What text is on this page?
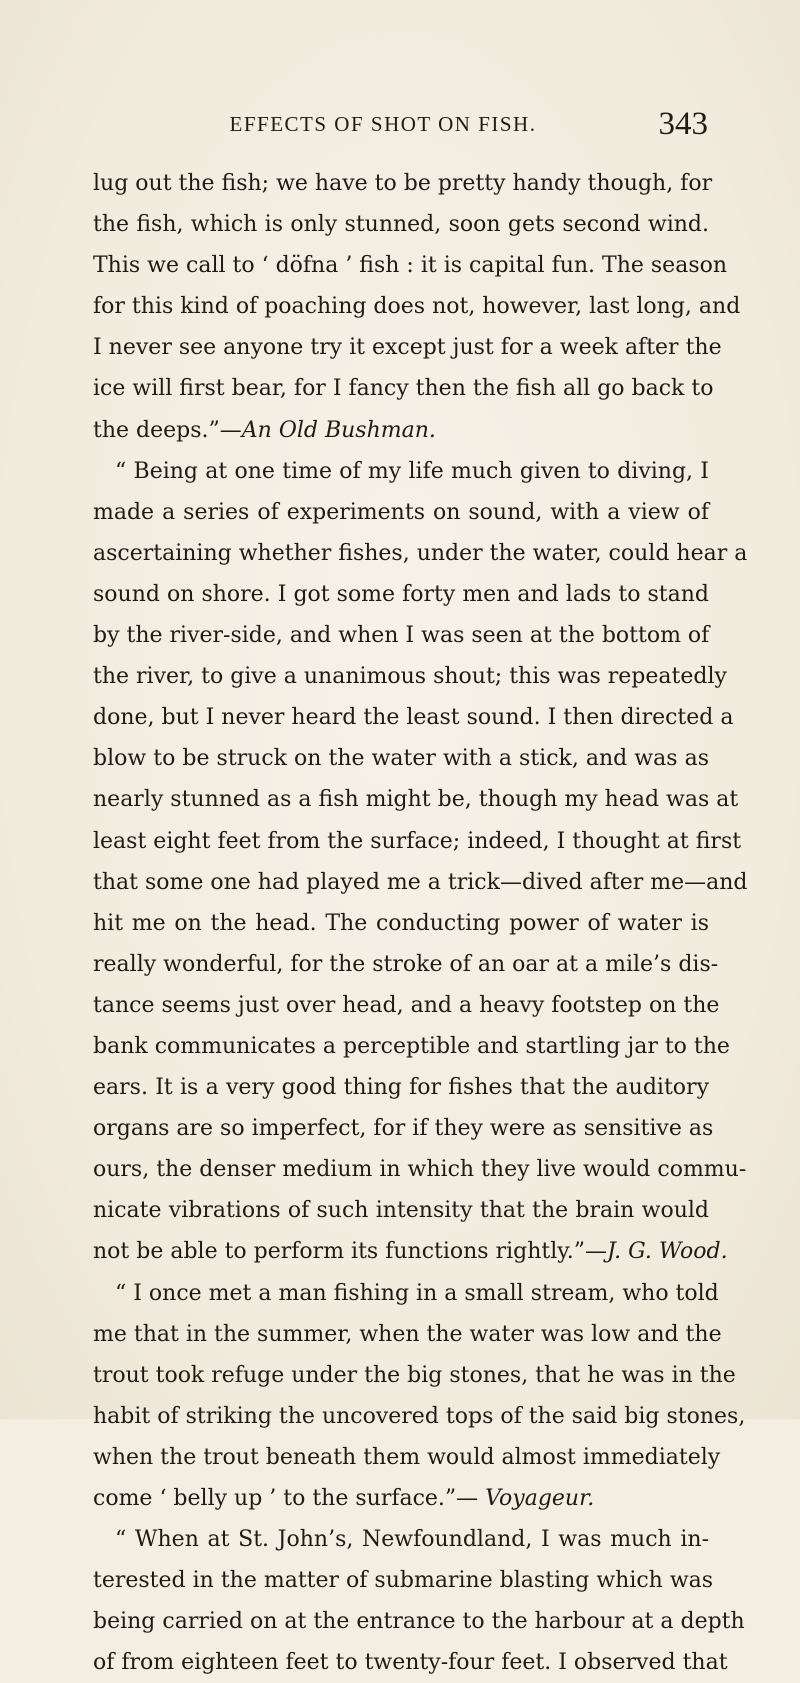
EFFECTS OF SHOT ON FISH.	343
lug out the fish; we have to be pretty handy though, for
the fish, which is only stunned, soon gets second wind.
This we call to ‘ döfna ’ fish : it is capital fun. The season
for this kind of poaching does not, however, last long, and
I never see anyone try it except just for a week after the
ice will first bear, for I fancy then the fish all go back to
the deeps.”—An Old Bushman.
“ Being at one time of my life much given to diving, I
made a series of experiments on sound, with a view of
ascertaining whether fishes, under the water, could hear a
sound on shore. I got some forty men and lads to stand
by the river-side, and when I was seen at the bottom of
the river, to give a unanimous shout; this was repeatedly
done, but I never heard the least sound. I then directed a
blow to be struck on the water with a stick, and was as
nearly stunned as a fish might be, though my head was at
least eight feet from the surface; indeed, I thought at first
that some one had played me a trick—dived after me—and
hit me on the head. The conducting power of water is
really wonderful, for the stroke of an oar at a mile’s dis-
tance seems just over head, and a heavy footstep on the
bank communicates a perceptible and startling jar to the
ears. It is a very good thing for fishes that the auditory
organs are so imperfect, for if they were as sensitive as
ours, the denser medium in which they live would commu-
nicate vibrations of such intensity that the brain would
not be able to perform its functions rightly.”—J. G. Wood.
“ I once met a man fishing in a small stream, who told
me that in the summer, when the water was low and the
trout took refuge under the big stones, that he was in the
habit of striking the uncovered tops of the said big stones,
when the trout beneath them would almost immediately
come ‘ belly up ’ to the surface.”— Voyageur.
“ When at St. John’s, Newfoundland, I was much in-
terested in the matter of submarine blasting which was
being carried on at the entrance to the harbour at a depth
of from eighteen feet to twenty-four feet. I observed that
